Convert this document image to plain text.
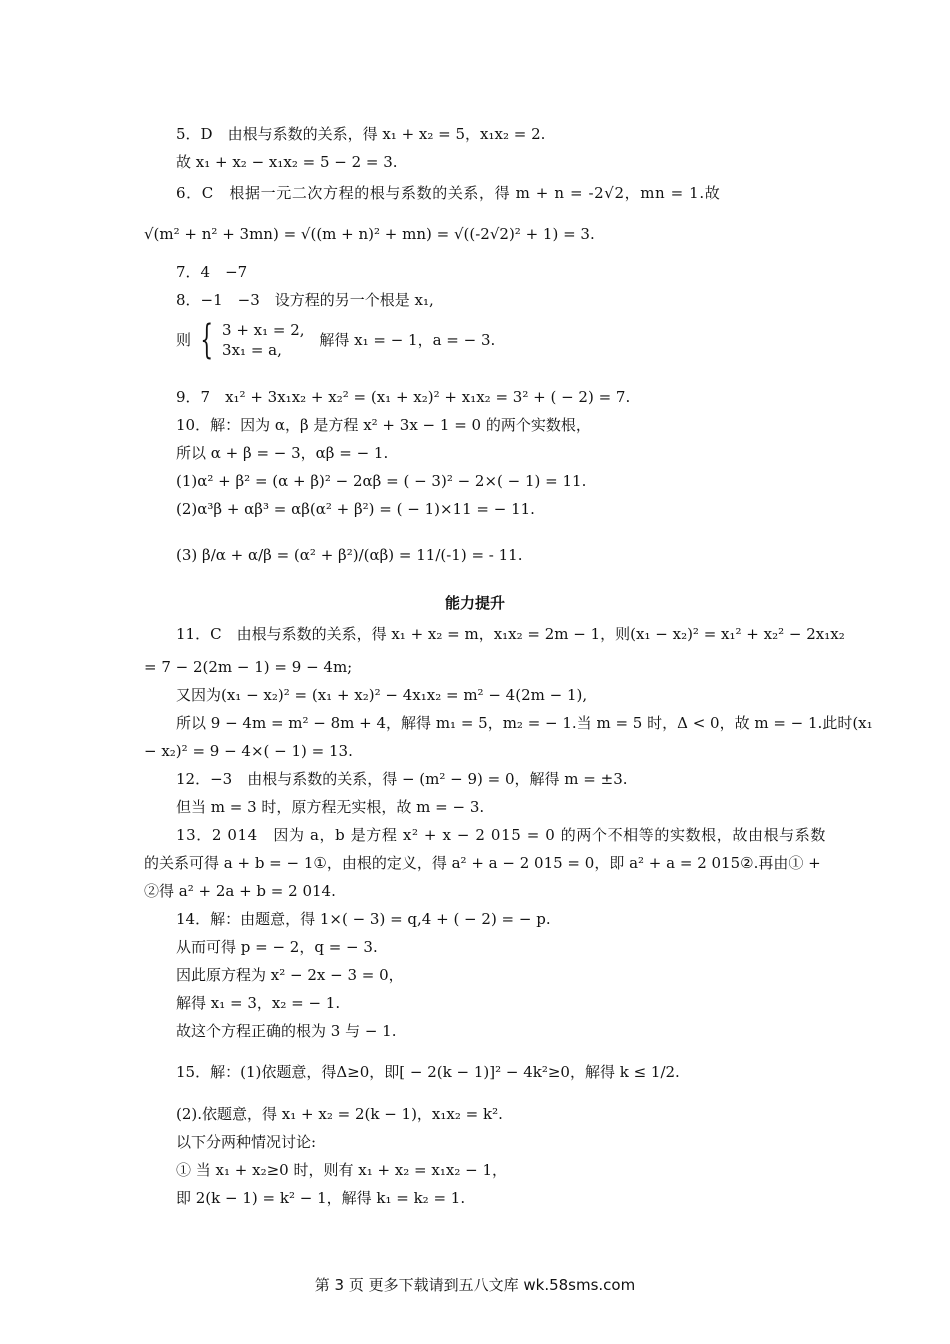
5．D　由根与系数的关系，得 x₁ + x₂ = 5，x₁x₂ = 2.
故 x₁ + x₂ − x₁x₂ = 5 − 2 = 3.
6．C　根据一元二次方程的根与系数的关系，得 m + n = -2√2，mn = 1.故
√(m² + n² + 3mn) = √((m + n)² + mn) = √((-2√2)² + 1) = 3.
7．4　−7
8．−1　−3　设方程的另一个根是 x₁,
则 { 3 + x₁ = 2,
3x₁ = a,
解得 x₁ = − 1，a = − 3.
9．7　x₁² + 3x₁x₂ + x₂² = (x₁ + x₂)² + x₁x₂ = 3² + ( − 2) = 7.
10．解：因为 α，β 是方程 x² + 3x − 1 = 0 的两个实数根，
所以 α + β = − 3，αβ = − 1.
(1)α² + β² = (α + β)² − 2αβ = ( − 3)² − 2×( − 1) = 11.
(2)α³β + αβ³ = αβ(α² + β²) = ( − 1)×11 = − 11.
(3) β/α + α/β = (α² + β²)/(αβ) = 11/(-1) = - 11.
能力提升
11．C　由根与系数的关系，得 x₁ + x₂ = m，x₁x₂ = 2m − 1，则(x₁ − x₂)² = x₁² + x₂² − 2x₁x₂
= 7 − 2(2m − 1) = 9 − 4m;
又因为(x₁ − x₂)² = (x₁ + x₂)² − 4x₁x₂ = m² − 4(2m − 1),
所以 9 − 4m = m² − 8m + 4，解得 m₁ = 5，m₂ = − 1.当 m = 5 时，Δ < 0，故 m = − 1.此时(x₁
− x₂)² = 9 − 4×( − 1) = 13.
12．−3　由根与系数的关系，得 − (m² − 9) = 0，解得 m = ±3.
但当 m = 3 时，原方程无实根，故 m = − 3.
13．2 014　因为 a，b 是方程 x² + x − 2 015 = 0 的两个不相等的实数根，故由根与系数
的关系可得 a + b = − 1①，由根的定义，得 a² + a − 2 015 = 0，即 a² + a = 2 015②.再由① +
②得 a² + 2a + b = 2 014.
14．解：由题意，得 1×( − 3) = q,4 + ( − 2) = − p.
从而可得 p = − 2，q = − 3.
因此原方程为 x² − 2x − 3 = 0，
解得 x₁ = 3，x₂ = − 1.
故这个方程正确的根为 3 与 − 1.
15．解：(1)依题意，得Δ≥0，即[ − 2(k − 1)]² − 4k²≥0，解得 k ≤ 1/2.
(2).依题意，得 x₁ + x₂ = 2(k − 1)，x₁x₂ = k².
以下分两种情况讨论:
① 当 x₁ + x₂≥0 时，则有 x₁ + x₂ = x₁x₂ − 1，
即 2(k − 1) = k² − 1，解得 k₁ = k₂ = 1.
第 3 页 更多下载请到五八文库 wk.58sms.com
